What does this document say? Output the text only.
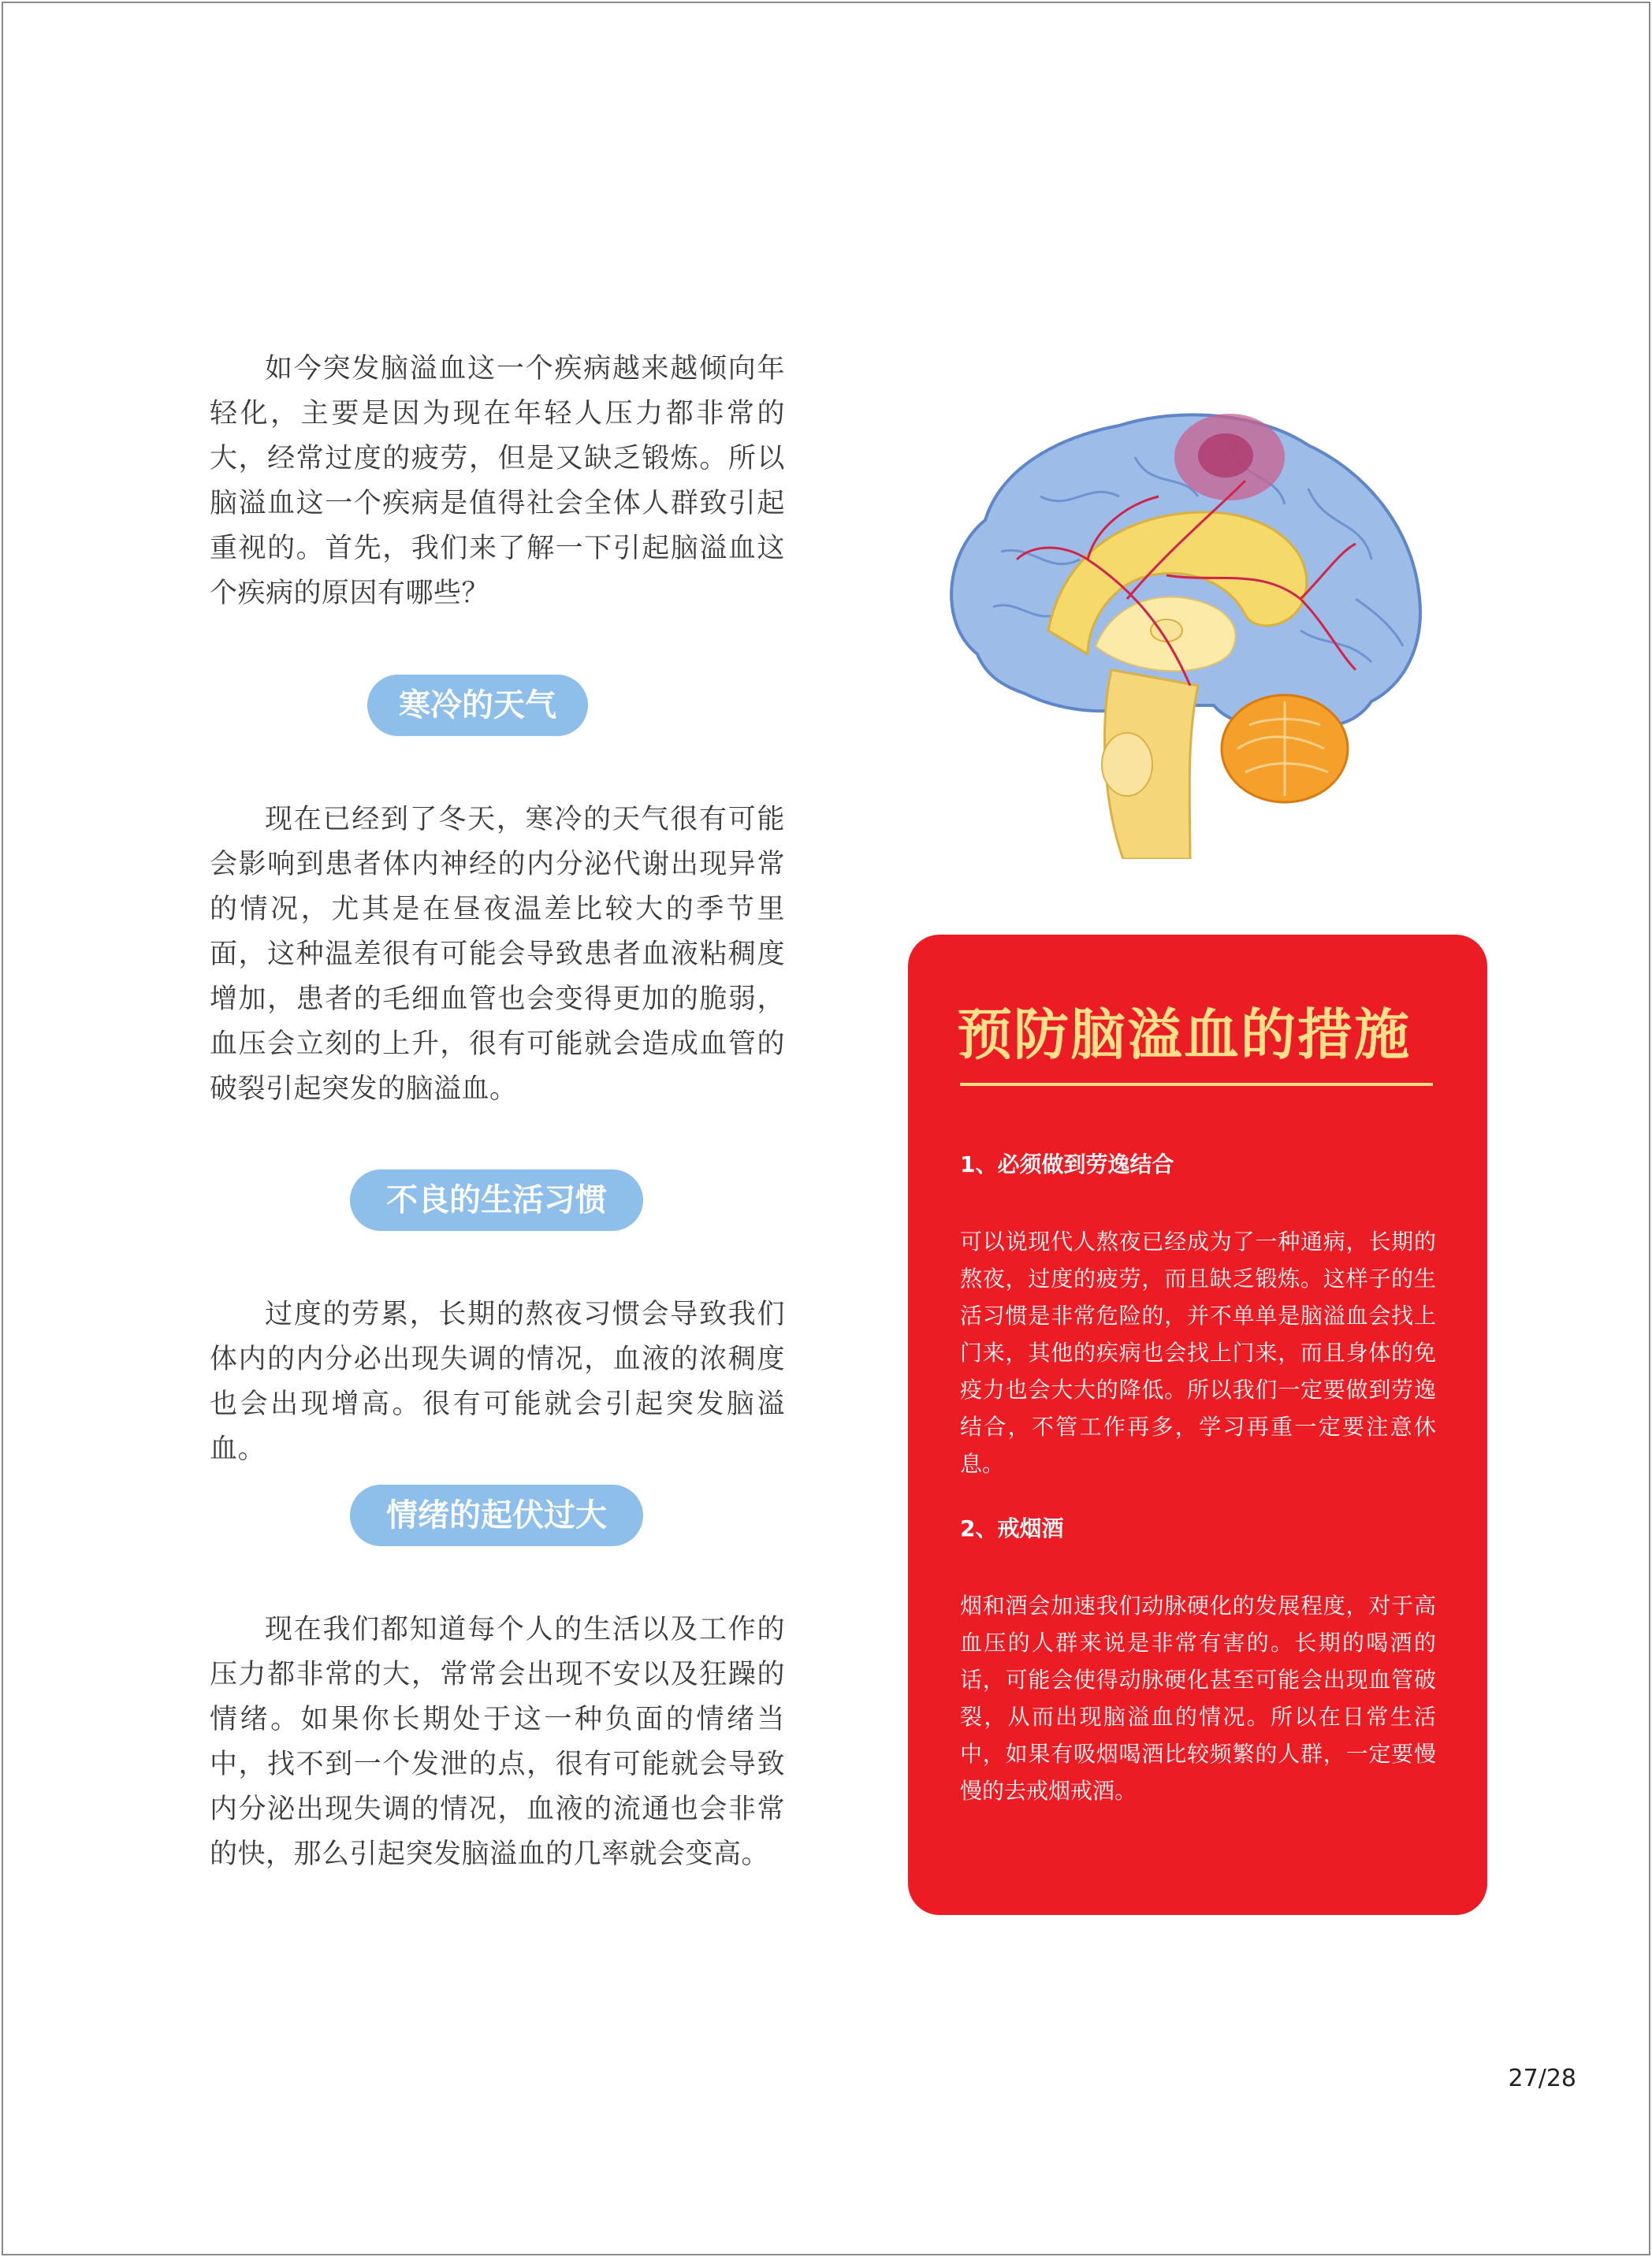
如今突发脑溢血这一个疾病越来越倾向年轻化，主要是因为现在年轻人压力都非常的大，经常过度的疲劳，但是又缺乏锻炼。所以脑溢血这一个疾病是值得社会全体人群致引起重视的。首先，我们来了解一下引起脑溢血这个疾病的原因有哪些？

寒冷的天气

现在已经到了冬天，寒冷的天气很有可能会影响到患者体内神经的内分泌代谢出现异常的情况，尤其是在昼夜温差比较大的季节里面，这种温差很有可能会导致患者血液粘稠度增加，患者的毛细血管也会变得更加的脆弱，血压会立刻的上升，很有可能就会造成血管的破裂引起突发的脑溢血。

不良的生活习惯

过度的劳累，长期的熬夜习惯会导致我们体内的内分必出现失调的情况，血液的浓稠度也会出现增高。很有可能就会引起突发脑溢血。

情绪的起伏过大

现在我们都知道每个人的生活以及工作的压力都非常的大，常常会出现不安以及狂躁的情绪。如果你长期处于这一种负面的情绪当中，找不到一个发泄的点，很有可能就会导致内分泌出现失调的情况，血液的流通也会非常的快，那么引起突发脑溢血的几率就会变高。

预防脑溢血的措施

1、必须做到劳逸结合

可以说现代人熬夜已经成为了一种通病，长期的熬夜，过度的疲劳，而且缺乏锻炼。这样子的生活习惯是非常危险的，并不单单是脑溢血会找上门来，其他的疾病也会找上门来，而且身体的免疫力也会大大的降低。所以我们一定要做到劳逸结合，不管工作再多，学习再重一定要注意休息。

2、戒烟酒

烟和酒会加速我们动脉硬化的发展程度，对于高血压的人群来说是非常有害的。长期的喝酒的话，可能会使得动脉硬化甚至可能会出现血管破裂，从而出现脑溢血的情况。所以在日常生活中，如果有吸烟喝酒比较频繁的人群，一定要慢慢的去戒烟戒酒。

27/28
